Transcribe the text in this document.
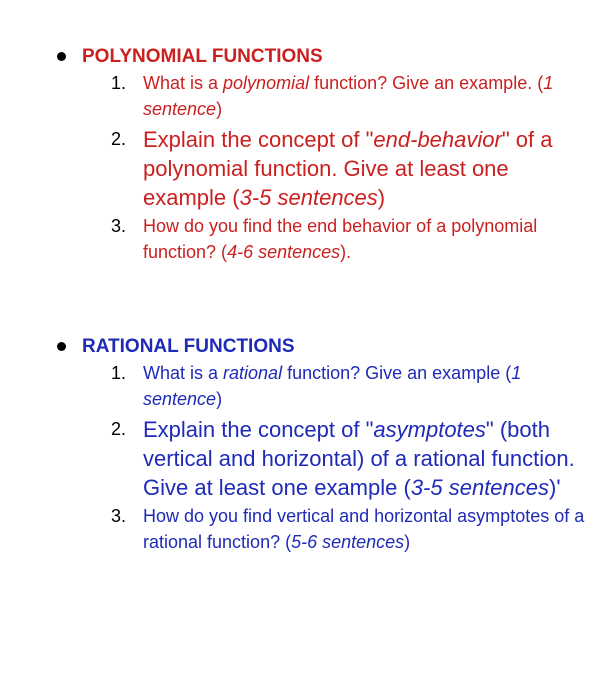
POLYNOMIAL FUNCTIONS
1. What is a polynomial function? Give an example. (1 sentence)
2. Explain the concept of "end-behavior" of a polynomial function. Give at least one example (3-5 sentences)
3. How do you find the end behavior of a polynomial function? (4-6 sentences).
RATIONAL FUNCTIONS
1. What is a rational function? Give an example (1 sentence)
2. Explain the concept of "asymptotes" (both vertical and horizontal) of a rational function. Give at least one example (3-5 sentences)'
3. How do you find vertical and horizontal asymptotes of a rational function? (5-6 sentences)
